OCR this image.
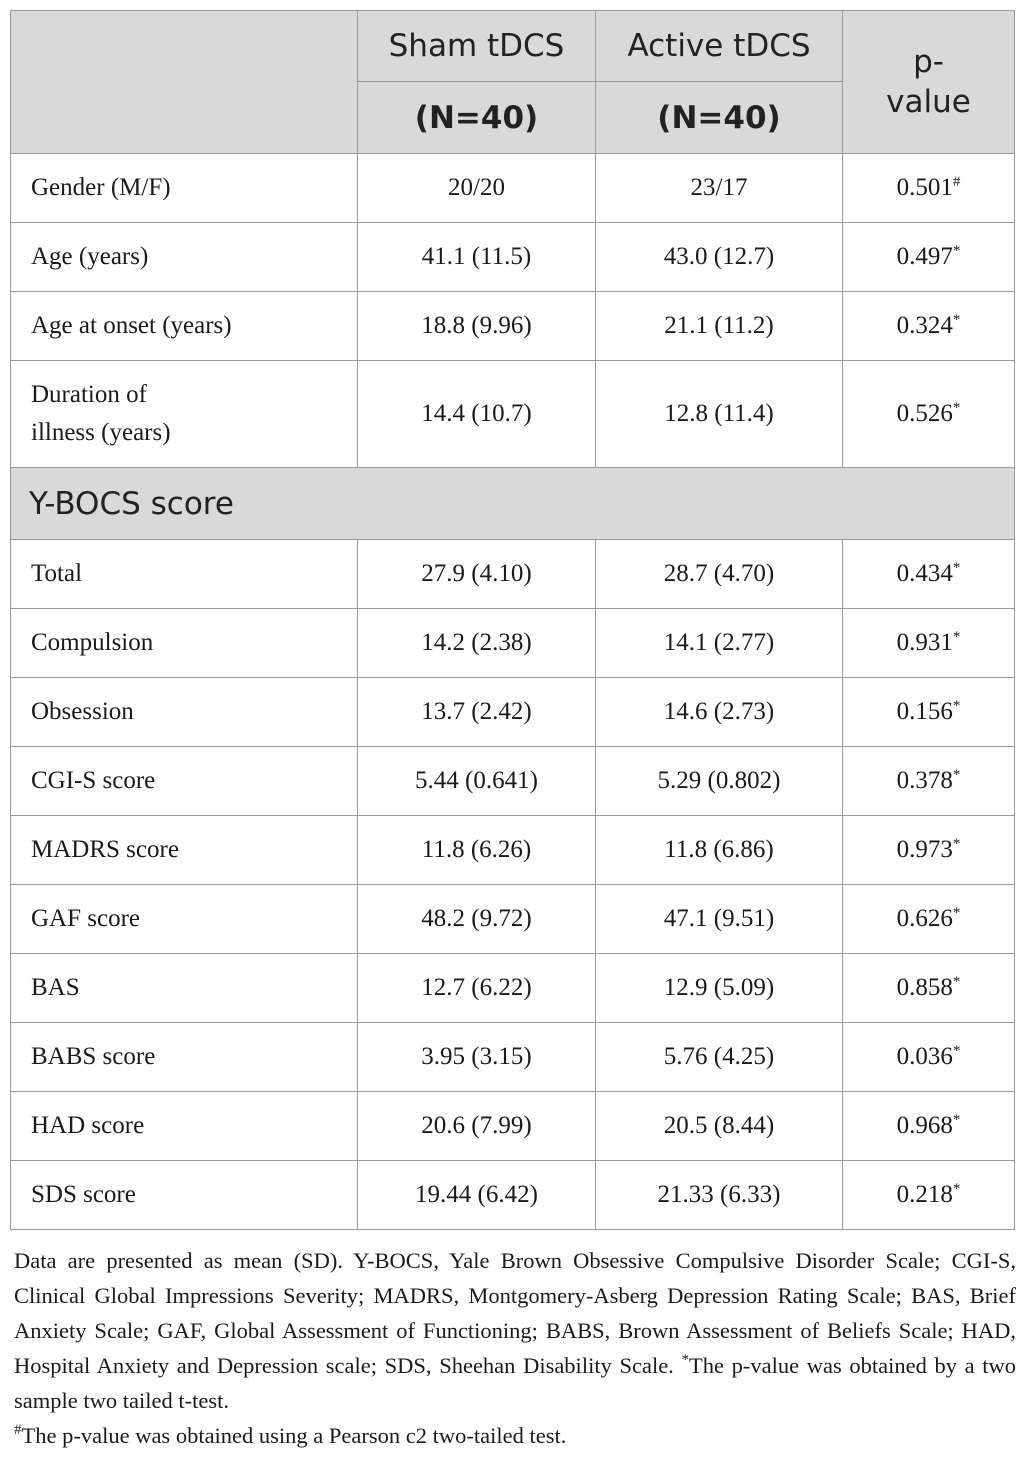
	Sham tDCS	Active tDCS	p-
value
	(N=40)	(N=40)	
Gender (M/F)	20/20	23/17	0.501#
Age (years)	41.1 (11.5)	43.0 (12.7)	0.497*
Age at onset (years)	18.8 (9.96)	21.1 (11.2)	0.324*
Duration of
illness (years)	14.4 (10.7)	12.8 (11.4)	0.526*
Y-BOCS score			
Total	27.9 (4.10)	28.7 (4.70)	0.434*
Compulsion	14.2 (2.38)	14.1 (2.77)	0.931*
Obsession	13.7 (2.42)	14.6 (2.73)	0.156*
CGI-S score	5.44 (0.641)	5.29 (0.802)	0.378*
MADRS score	11.8 (6.26)	11.8 (6.86)	0.973*
GAF score	48.2 (9.72)	47.1 (9.51)	0.626*
BAS	12.7 (6.22)	12.9 (5.09)	0.858*
BABS score	3.95 (3.15)	5.76 (4.25)	0.036*
HAD score	20.6 (7.99)	20.5 (8.44)	0.968*
SDS score	19.44 (6.42)	21.33 (6.33)	0.218*

Data are presented as mean (SD). Y-BOCS, Yale Brown Obsessive Compulsive Disorder Scale; CGI-S, Clinical Global Impressions Severity; MADRS, Montgomery-Asberg Depression Rating Scale; BAS, Brief Anxiety Scale; GAF, Global Assessment of Functioning; BABS, Brown Assessment of Beliefs Scale; HAD, Hospital Anxiety and Depression scale; SDS, Sheehan Disability Scale. *The p-value was obtained by a two sample two tailed t-test.

#The p-value was obtained using a Pearson c2 two-tailed test.
